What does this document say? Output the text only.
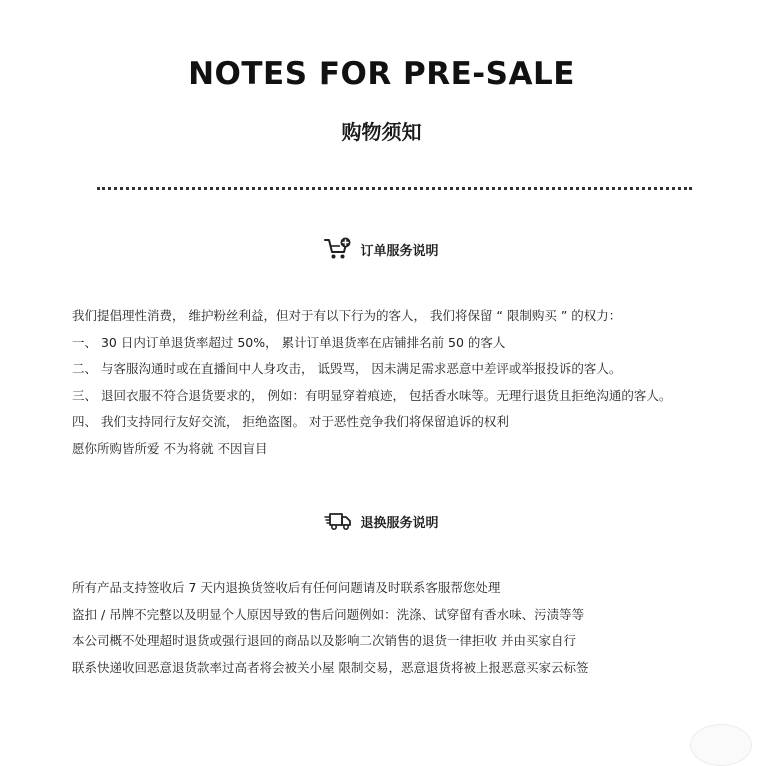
NOTES FOR PRE-SALE
购物须知
订单服务说明
我们提倡理性消费， 维护粉丝利益，但对于有以下行为的客人， 我们将保留 “ 限制购买 ” 的权力：
一、 30 日内订单退货率超过 50%， 累计订单退货率在店铺排名前 50 的客人
二、 与客服沟通时或在直播间中人身攻击， 诋毁骂， 因未满足需求恶意中差评或举报投诉的客人。
三、 退回衣服不符合退货要求的， 例如：有明显穿着痕迹， 包括香水味等。无理行退货且拒绝沟通的客人。
四、 我们支持同行友好交流， 拒绝盗图。 对于恶性竞争我们将保留追诉的权利
愿你所购皆所爱 不为将就 不因盲目
退换服务说明
所有产品支持签收后 7 天内退换货签收后有任何问题请及时联系客服帮您处理
盗扣 / 吊牌不完整以及明显个人原因导致的售后问题例如：洗涤、试穿留有香水味、污渍等等
本公司概不处理超时退货或强行退回的商品以及影响二次销售的退货一律拒收 并由买家自行
联系快递收回恶意退货款率过高者将会被关小屋 限制交易，恶意退货将被上报恶意买家云标签
